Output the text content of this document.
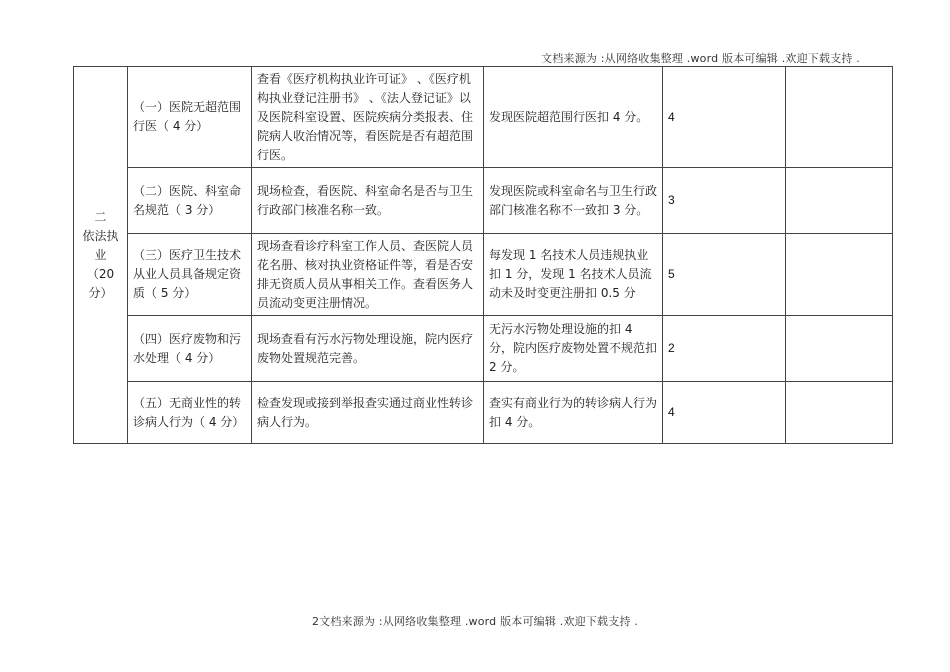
文档来源为 :从网络收集整理 .word 版本可编辑 .欢迎下载支持 .
二
依法执
业
（20
分）	（一）医院无超范围行医（ 4 分）	查看《医疗机构执业许可证》 、《医疗机构执业登记注册书》 、《法人登记证》以及医院科室设置、医院疾病分类报表、住院病人收治情况等，看医院是否有超范围行医。	发现医院超范围行医扣 4 分。	4	
	（二）医院、科室命名规范（ 3 分）	现场检查，看医院、科室命名是否与卫生行政部门核准名称一致。	发现医院或科室命名与卫生行政部门核准名称不一致扣 3 分。	3	
	（三）医疗卫生技术从业人员具备规定资质（ 5 分）	现场查看诊疗科室工作人员、查医院人员花名册、核对执业资格证件等，看是否安排无资质人员从事相关工作。查看医务人员流动变更注册情况。	每发现 1 名技术人员违规执业扣 1 分，发现 1 名技术人员流动未及时变更注册扣 0.5 分	5	
	（四）医疗废物和污水处理（ 4 分）	现场查看有污水污物处理设施，院内医疗废物处置规范完善。	无污水污物处理设施的扣 4 分，院内医疗废物处置不规范扣 2 分。	2	
	（五）无商业性的转诊病人行为（ 4 分）	检查发现或接到举报查实通过商业性转诊病人行为。	查实有商业行为的转诊病人行为扣 4 分。	4	
2文档来源为 :从网络收集整理 .word 版本可编辑 .欢迎下载支持 .
